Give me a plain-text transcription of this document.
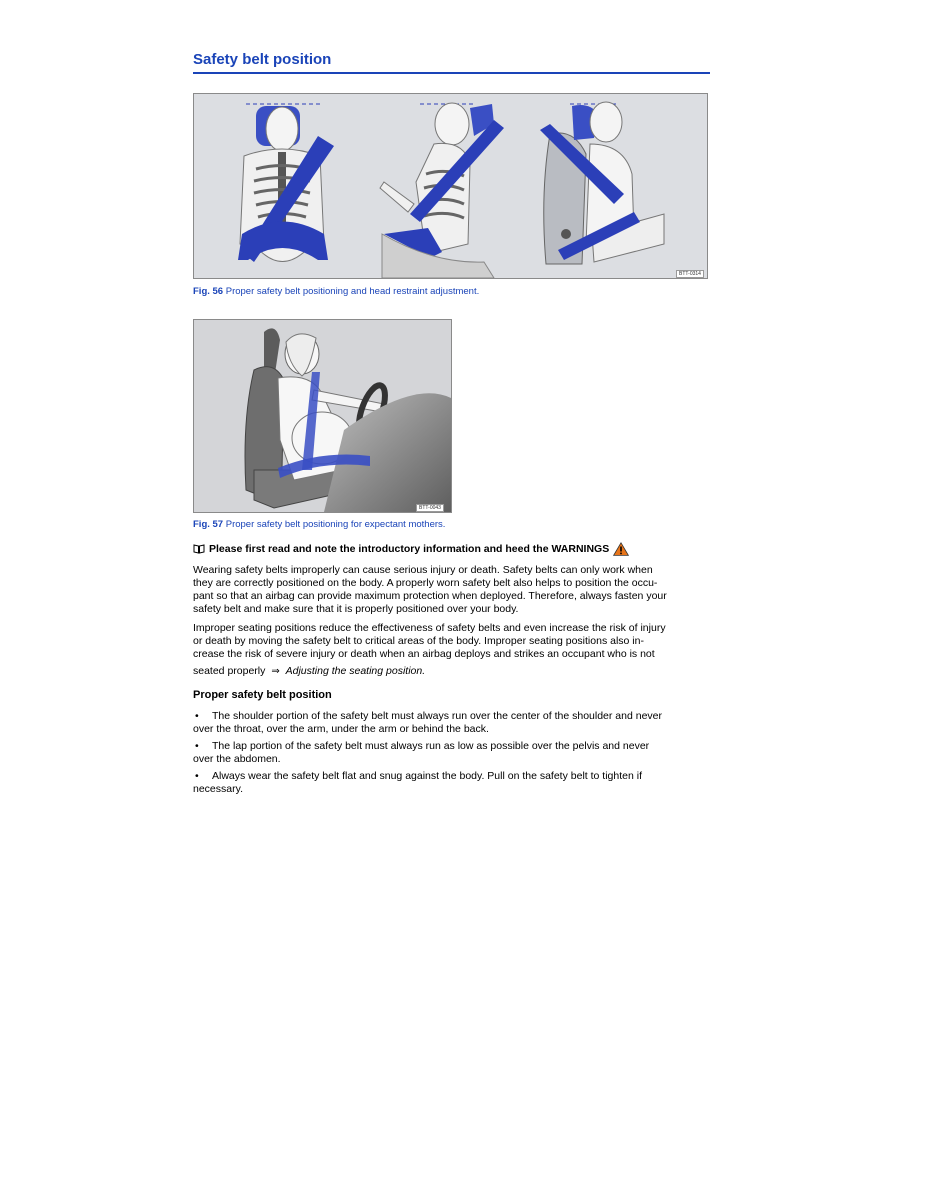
Safety belt position
BTT-0314
Fig. 56 Proper safety belt positioning and head restraint adjustment.
BTT-0043
Fig. 57 Proper safety belt positioning for expectant mothers.
Please first read and note the introductory information and heed the WARNINGS
Wearing safety belts improperly can cause serious injury or death. Safety belts can only work when
they are correctly positioned on the body. A properly worn safety belt also helps to position the occu-
pant so that an airbag can provide maximum protection when deployed. Therefore, always fasten your
safety belt and make sure that it is properly positioned over your body.
Improper seating positions reduce the effectiveness of safety belts and even increase the risk of injury
or death by moving the safety belt to critical areas of the body. Improper seating positions also in-
crease the risk of severe injury or death when an airbag deploys and strikes an occupant who is not
seated properly ⇒ Adjusting the seating position.
Proper safety belt position
• The shoulder portion of the safety belt must always run over the center of the shoulder and never
over the throat, over the arm, under the arm or behind the back.
• The lap portion of the safety belt must always run as low as possible over the pelvis and never
over the abdomen.
• Always wear the safety belt flat and snug against the body. Pull on the safety belt to tighten if
necessary.
